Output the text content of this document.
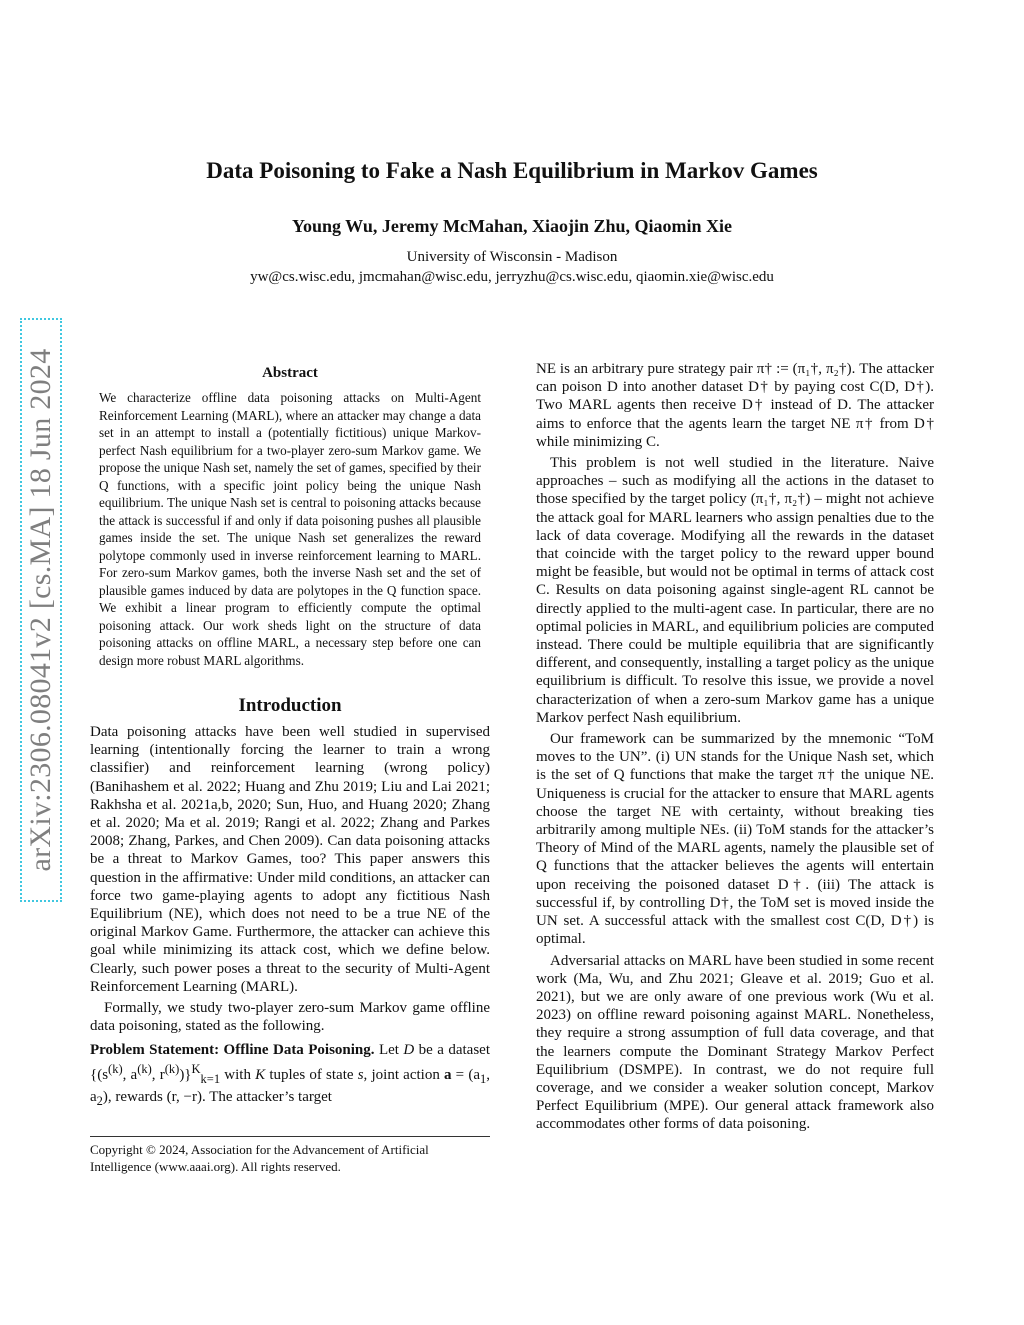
arXiv:2306.08041v2 [cs.MA] 18 Jun 2024
Data Poisoning to Fake a Nash Equilibrium in Markov Games
Young Wu, Jeremy McMahan, Xiaojin Zhu, Qiaomin Xie
University of Wisconsin - Madison
yw@cs.wisc.edu, jmcmahan@wisc.edu, jerryzhu@cs.wisc.edu, qiaomin.xie@wisc.edu
Abstract

We characterize offline data poisoning attacks on Multi-Agent Reinforcement Learning (MARL), where an attacker may change a data set in an attempt to install a (potentially fictitious) unique Markov-perfect Nash equilibrium for a two-player zero-sum Markov game. We propose the unique Nash set, namely the set of games, specified by their Q functions, with a specific joint policy being the unique Nash equilibrium. The unique Nash set is central to poisoning attacks because the attack is successful if and only if data poisoning pushes all plausible games inside the set. The unique Nash set generalizes the reward polytope commonly used in inverse reinforcement learning to MARL. For zero-sum Markov games, both the inverse Nash set and the set of plausible games induced by data are polytopes in the Q function space. We exhibit a linear program to efficiently compute the optimal poisoning attack. Our work sheds light on the structure of data poisoning attacks on offline MARL, a necessary step before one can design more robust MARL algorithms.

Introduction

Data poisoning attacks have been well studied in supervised learning (intentionally forcing the learner to train a wrong classifier) and reinforcement learning (wrong policy) (Banihashem et al. 2022; Huang and Zhu 2019; Liu and Lai 2021; Rakhsha et al. 2021a,b, 2020; Sun, Huo, and Huang 2020; Zhang et al. 2020; Ma et al. 2019; Rangi et al. 2022; Zhang and Parkes 2008; Zhang, Parkes, and Chen 2009). Can data poisoning attacks be a threat to Markov Games, too? This paper answers this question in the affirmative: Under mild conditions, an attacker can force two game-playing agents to adopt any fictitious Nash Equilibrium (NE), which does not need to be a true NE of the original Markov Game. Furthermore, the attacker can achieve this goal while minimizing its attack cost, which we define below. Clearly, such power poses a threat to the security of Multi-Agent Reinforcement Learning (MARL).

Formally, we study two-player zero-sum Markov game offline data poisoning, stated as the following.

Problem Statement: Offline Data Poisoning. Let D be a dataset {($s^{(k)}$, $a^{(k)}$, $r^{(k)})\}^K_{k=1}$ with K tuples of state s, joint action $a = (a_1$, $a_2$), rewards (r, −r). The attacker’s target

Copyright © 2024, Association for the Advancement of Artificial Intelligence (www.aaai.org). All rights reserved.

NE is an arbitrary pure strategy pair π† := (π₁†, π₂†). The attacker can poison D into another dataset D† by paying cost C(D, D†). Two MARL agents then receive D† instead of D. The attacker aims to enforce that the agents learn the target NE π† from D† while minimizing C.

This problem is not well studied in the literature. Naive approaches – such as modifying all the actions in the dataset to those specified by the target policy (π₁†, π₂†) – might not achieve the attack goal for MARL learners who assign penalties due to the lack of data coverage. Modifying all the rewards in the dataset that coincide with the target policy to the reward upper bound might be feasible, but would not be optimal in terms of attack cost C. Results on data poisoning against single-agent RL cannot be directly applied to the multi-agent case. In particular, there are no optimal policies in MARL, and equilibrium policies are computed instead. There could be multiple equilibria that are significantly different, and consequently, installing a target policy as the unique equilibrium is difficult. To resolve this issue, we provide a novel characterization of when a zero-sum Markov game has a unique Markov perfect Nash equilibrium.

Our framework can be summarized by the mnemonic “ToM moves to the UN”. (i) UN stands for the Unique Nash set, which is the set of Q functions that make the target π† the unique NE. Uniqueness is crucial for the attacker to ensure that MARL agents choose the target NE with certainty, without breaking ties arbitrarily among multiple NEs. (ii) ToM stands for the attacker’s Theory of Mind of the MARL agents, namely the plausible set of Q functions that the attacker believes the agents will entertain upon receiving the poisoned dataset D†. (iii) The attack is successful if, by controlling D†, the ToM set is moved inside the UN set. A successful attack with the smallest cost C(D, D†) is optimal.

Adversarial attacks on MARL have been studied in some recent work (Ma, Wu, and Zhu 2021; Gleave et al. 2019; Guo et al. 2021), but we are only aware of one previous work (Wu et al. 2023) on offline reward poisoning against MARL. Nonetheless, they require a strong assumption of full data coverage, and that the learners compute the Dominant Strategy Markov Perfect Equilibrium (DSMPE). In contrast, we do not require full coverage, and we consider a weaker solution concept, Markov Perfect Equilibrium (MPE). Our general attack framework also accommodates other forms of data poisoning.
